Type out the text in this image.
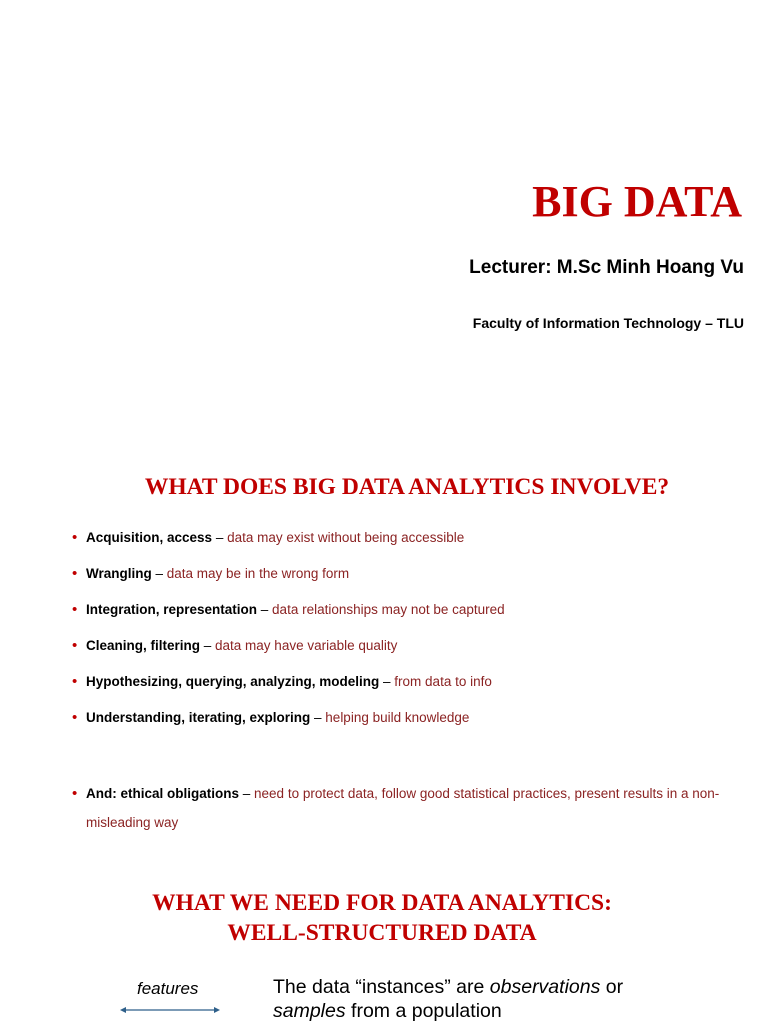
BIG DATA
Lecturer: M.Sc Minh Hoang Vu
Faculty of Information Technology – TLU
WHAT DOES BIG DATA ANALYTICS INVOLVE?
• Acquisition, access – data may exist without being accessible
• Wrangling – data may be in the wrong form
• Integration, representation – data relationships may not be captured
• Cleaning, filtering – data may have variable quality
• Hypothesizing, querying, analyzing, modeling – from data to info
• Understanding, iterating, exploring – helping build knowledge
• And: ethical obligations – need to protect data, follow good statistical practices, present results in a non-misleading way
WHAT WE NEED FOR DATA ANALYTICS:
WELL-STRUCTURED DATA
features	The data “instances” are observations or
samples from a population
